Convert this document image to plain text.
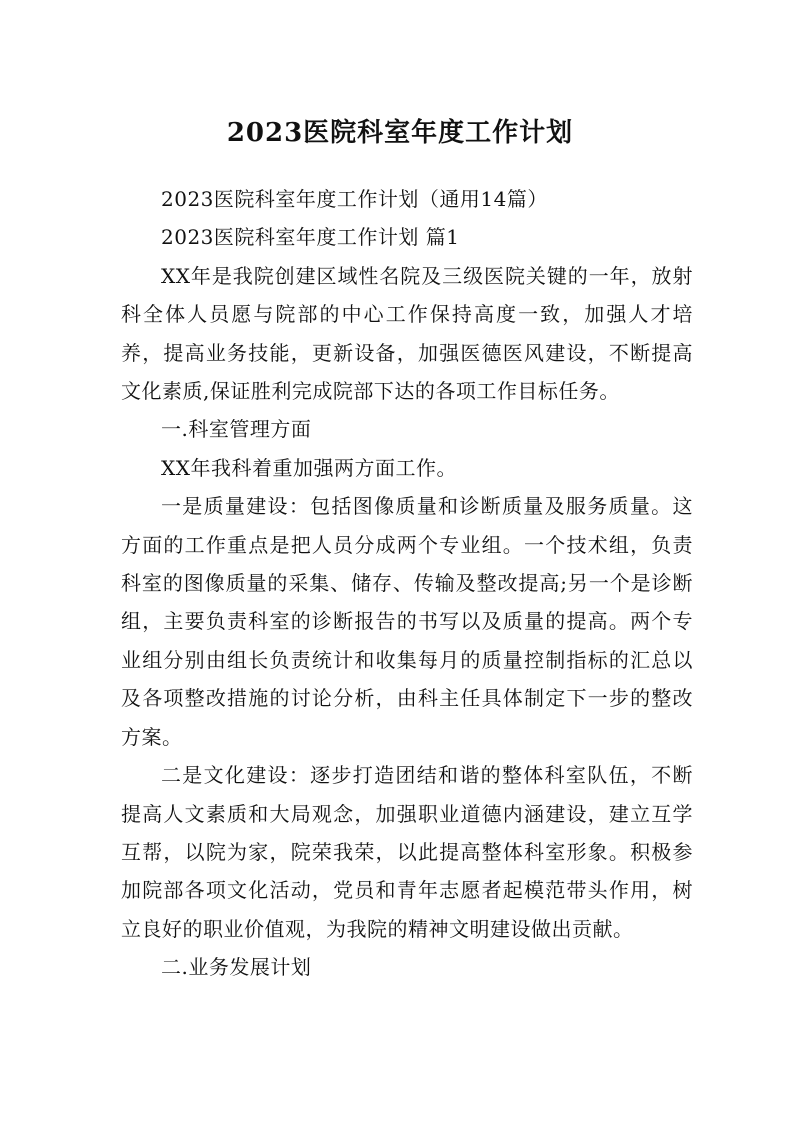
2023医院科室年度工作计划

2023医院科室年度工作计划（通用14篇）

2023医院科室年度工作计划 篇1

XX年是我院创建区域性名院及三级医院关键的一年，放射科全体人员愿与院部的中心工作保持高度一致，加强人才培养，提高业务技能，更新设备，加强医德医风建设，不断提高文化素质,保证胜利完成院部下达的各项工作目标任务。

一.科室管理方面

XX年我科着重加强两方面工作。

一是质量建设：包括图像质量和诊断质量及服务质量。这方面的工作重点是把人员分成两个专业组。一个技术组，负责科室的图像质量的采集、储存、传输及整改提高;另一个是诊断组，主要负责科室的诊断报告的书写以及质量的提高。两个专业组分别由组长负责统计和收集每月的质量控制指标的汇总以及各项整改措施的讨论分析，由科主任具体制定下一步的整改方案。

二是文化建设：逐步打造团结和谐的整体科室队伍，不断提高人文素质和大局观念，加强职业道德内涵建设，建立互学互帮，以院为家，院荣我荣，以此提高整体科室形象。积极参加院部各项文化活动，党员和青年志愿者起模范带头作用，树立良好的职业价值观，为我院的精神文明建设做出贡献。

二.业务发展计划
